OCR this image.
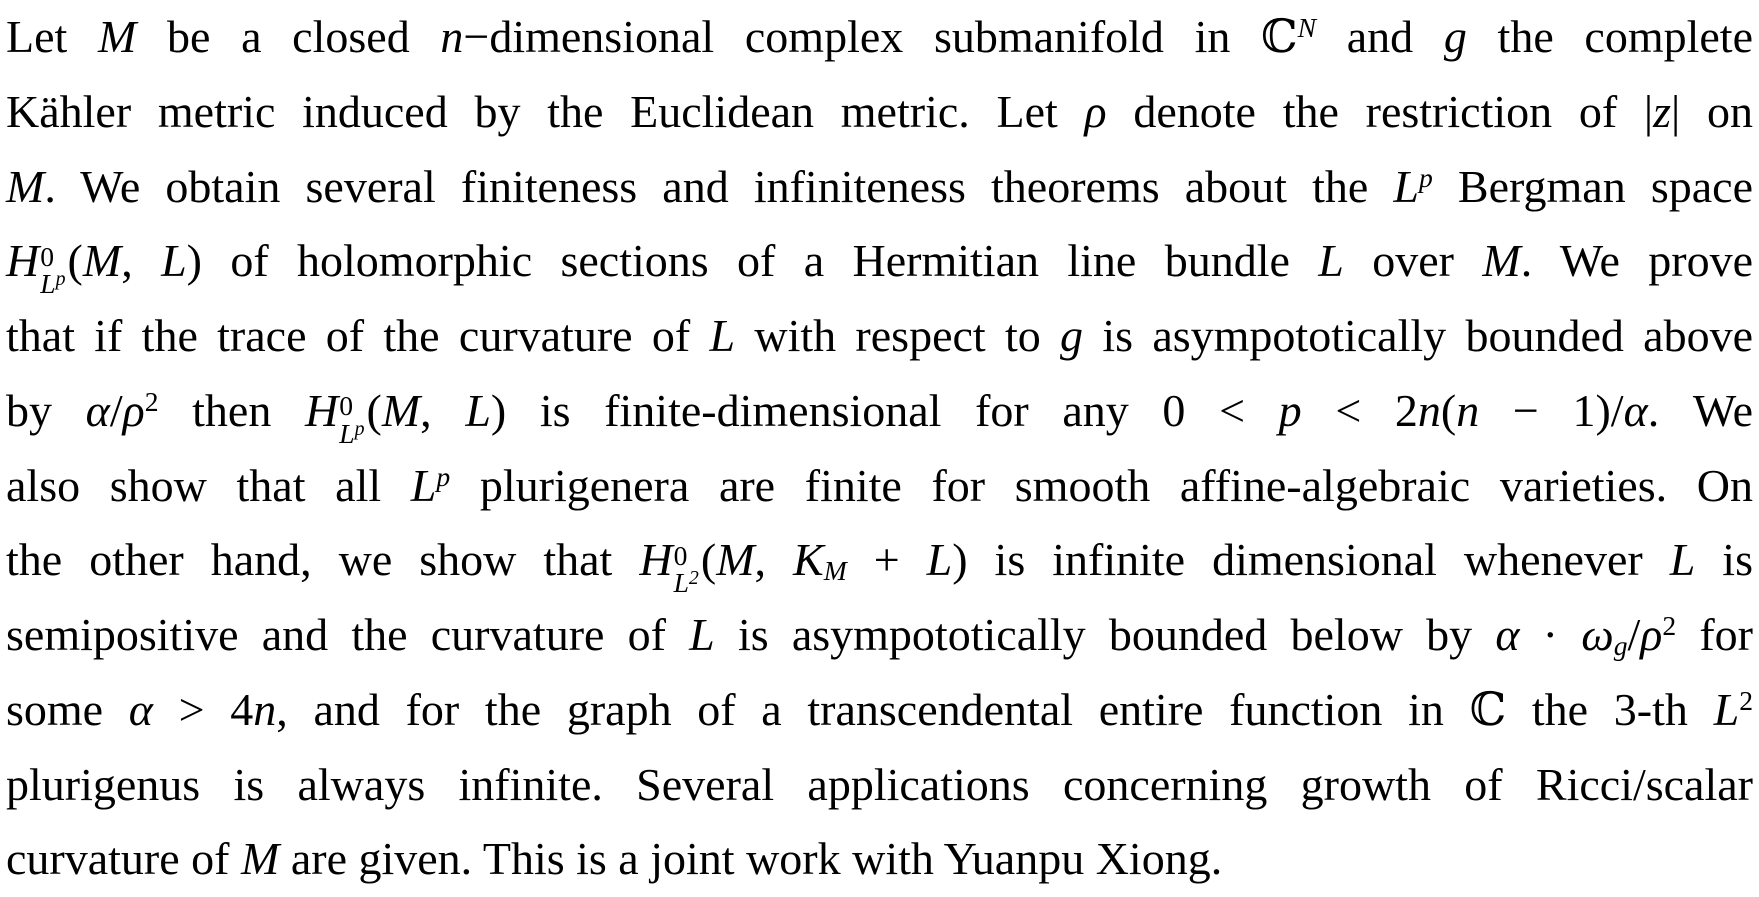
Let M be a closed n−dimensional complex submanifold in ℂ$^N$ and g the complete
Kähler metric induced by the Euclidean metric. Let ρ denote the restriction of |z| on
M. We obtain several finiteness and infiniteness theorems about the $L^p$ Bergman space
H 0
$L^p$ (M, L) of holomorphic sections of a Hermitian line bundle L over M. We prove
that if the trace of the curvature of L with respect to g is asympototically bounded above
by $\alpha/\rho^2$ then H 0
$L^p$ (M, L) is finite-dimensional for any 0 < p < 2n(n − 1)/α. We
also show that all $L^p$ plurigenera are finite for smooth affine-algebraic varieties. On
the other hand, we show that H 0
$L^2$ (M, KM + L) is infinite dimensional whenever L is
semipositive and the curvature of L is asympototically bounded below by $\alpha \cdot \omega g/\rho^2$ for
some α > 4n, and for the graph of a transcendental entire function in ℂ the 3-th $L^2$
plurigenus is always infinite. Several applications concerning growth of Ricci/scalar
curvature of M are given. This is a joint work with Yuanpu Xiong.
